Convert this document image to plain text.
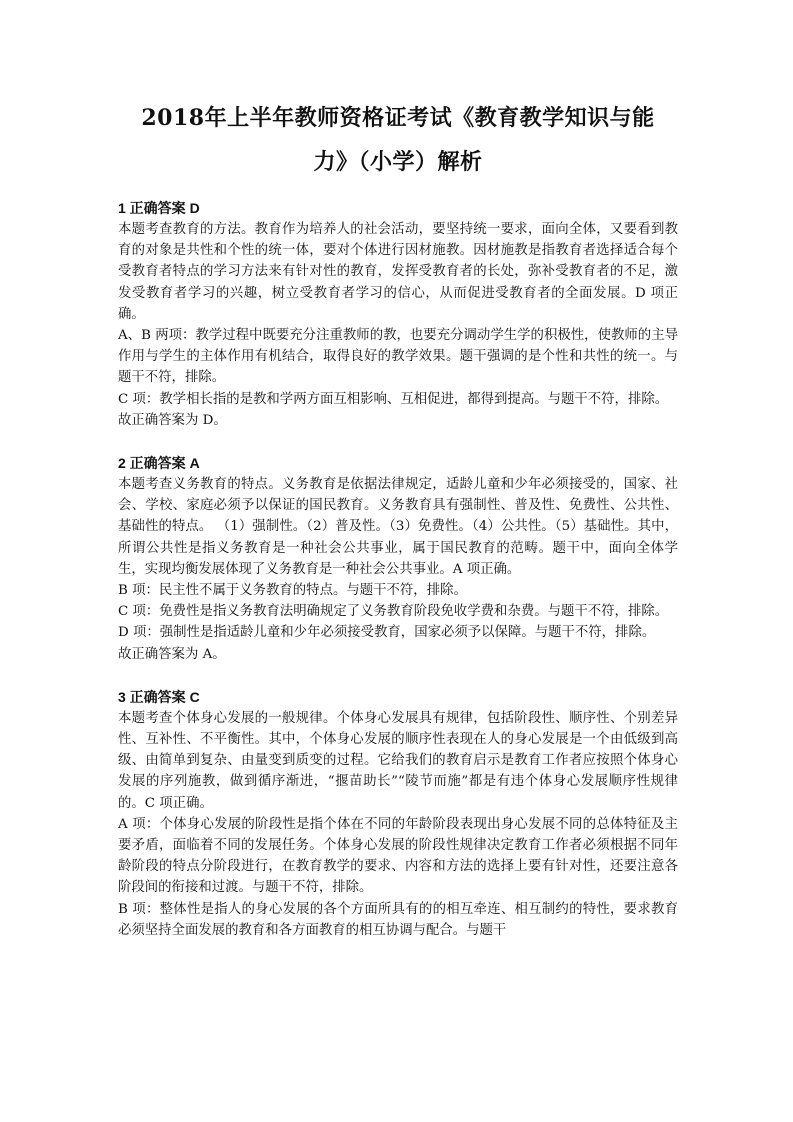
2018年上半年教师资格证考试《教育教学知识与能
力》（小学）解析
1 正确答案 D

本题考查教育的方法。教育作为培养人的社会活动，要坚持统一要求，面向全体，又要看到教育的对象是共性和个性的统一体，要对个体进行因材施教。因材施教是指教育者选择适合每个受教育者特点的学习方法来有针对性的教育，发挥受教育者的长处，弥补受教育者的不足，激发受教育者学习的兴趣，树立受教育者学习的信心，从而促进受教育者的全面发展。D 项正确。

A、B 两项：教学过程中既要充分注重教师的教，也要充分调动学生学的积极性，使教师的主导作用与学生的主体作用有机结合，取得良好的教学效果。题干强调的是个性和共性的统一。与题干不符，排除。

C 项：教学相长指的是教和学两方面互相影响、互相促进，都得到提高。与题干不符，排除。

故正确答案为 D。

2 正确答案 A

本题考查义务教育的特点。义务教育是依据法律规定，适龄儿童和少年必须接受的，国家、社会、学校、家庭必须予以保证的国民教育。义务教育具有强制性、普及性、免费性、公共性、基础性的特点。 （1）强制性。（2）普及性。（3）免费性。（4）公共性。（5）基础性。其中，所谓公共性是指义务教育是一种社会公共事业，属于国民教育的范畴。题干中，面向全体学生，实现均衡发展体现了义务教育是一种社会公共事业。A 项正确。

B 项：民主性不属于义务教育的特点。与题干不符，排除。

C 项：免费性是指义务教育法明确规定了义务教育阶段免收学费和杂费。与题干不符，排除。

D 项：强制性是指适龄儿童和少年必须接受教育，国家必须予以保障。与题干不符，排除。

故正确答案为 A。

3 正确答案 C

本题考查个体身心发展的一般规律。个体身心发展具有规律，包括阶段性、顺序性、个别差异性、互补性、不平衡性。其中，个体身心发展的顺序性表现在人的身心发展是一个由低级到高级、由简单到复杂、由量变到质变的过程。它给我们的教育启示是教育工作者应按照个体身心发展的序列施教，做到循序渐进，“揠苗助长”“陵节而施”都是有违个体身心发展顺序性规律的。C 项正确。

A 项：个体身心发展的阶段性是指个体在不同的年龄阶段表现出身心发展不同的总体特征及主要矛盾，面临着不同的发展任务。个体身心发展的阶段性规律决定教育工作者必须根据不同年龄阶段的特点分阶段进行，在教育教学的要求、内容和方法的选择上要有针对性，还要注意各阶段间的衔接和过渡。与题干不符，排除。

B 项：整体性是指人的身心发展的各个方面所具有的的相互牵连、相互制约的特性，要求教育必须坚持全面发展的教育和各方面教育的相互协调与配合。与题干
